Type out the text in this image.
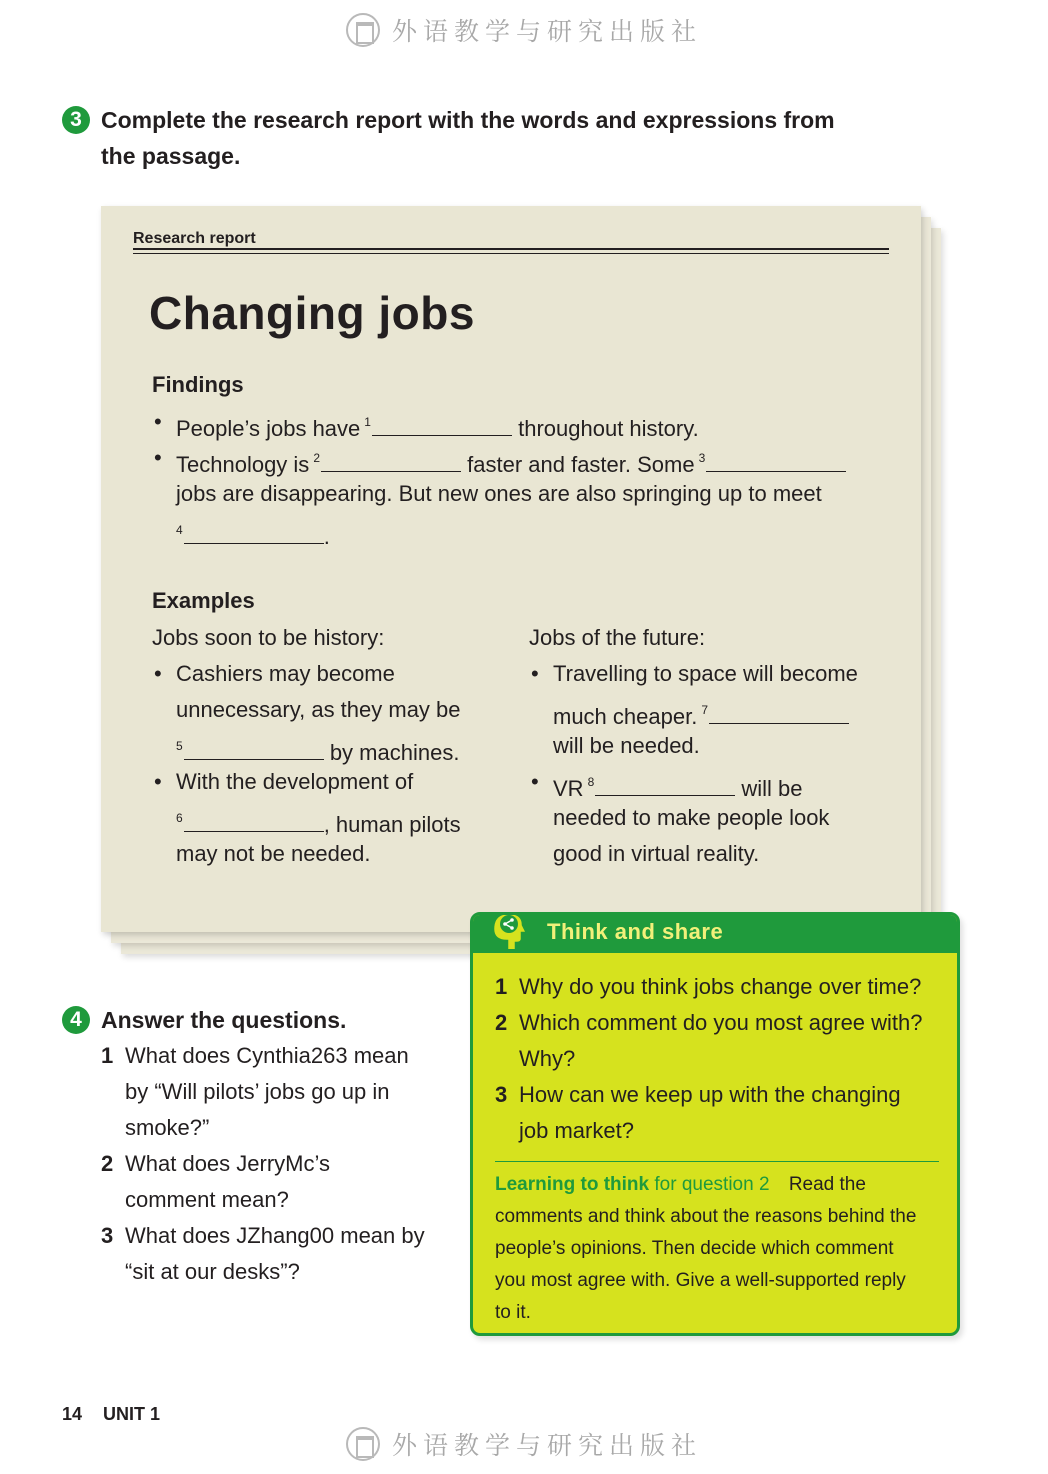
外语教学与研究出版社
3 Complete the research report with the words and expressions from
the passage.
Research report
Changing jobs
Findings
• People’s jobs have $^1$	throughout history.
• Technology is $^2$	faster and faster. Some $^3$
jobs are disappearing. But new ones are also springing up to meet
$^4$	.
Examples
Jobs soon to be history:
• Cashiers may become
unnecessary, as they may be
$^5$	by machines.
• With the development of
$^6$	, human pilots
may not be needed.
Jobs of the future:
• Travelling to space will become
much cheaper. $^7$
will be needed.
• VR $^8$	will be
needed to make people look
good in virtual reality.
4 Answer the questions.
1 What does Cynthia263 mean
by “Will pilots’ jobs go up in
smoke?”
2 What does JerryMc’s
comment mean?
3 What does JZhang00 mean by
“sit at our desks”?
Think and share
1 Why do you think jobs change over time?
2 Which comment do you most agree with?
Why?
3 How can we keep up with the changing
job market?
Learning to think for question 2 Read the
comments and think about the reasons behind the
people’s opinions. Then decide which comment
you most agree with. Give a well-supported reply
to it.
14 UNIT 1
外语教学与研究出版社
